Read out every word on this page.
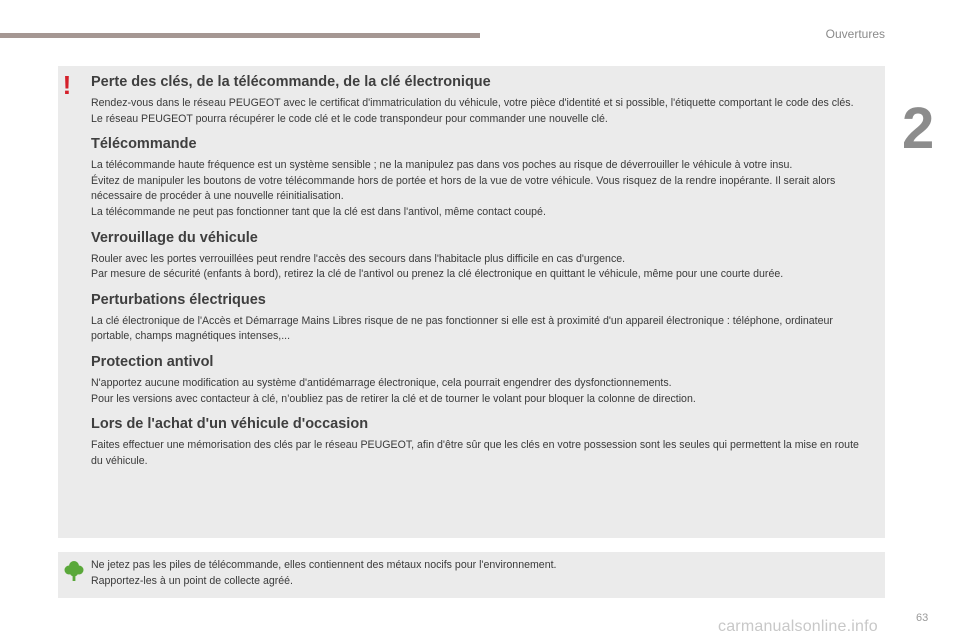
Ouvertures
2
Perte des clés, de la télécommande, de la clé électronique

Rendez-vous dans le réseau PEUGEOT avec le certificat d'immatriculation du véhicule, votre pièce d'identité et si possible, l'étiquette comportant le code des clés.

Le réseau PEUGEOT pourra récupérer le code clé et le code transpondeur pour commander une nouvelle clé.

Télécommande

La télécommande haute fréquence est un système sensible ; ne la manipulez pas dans vos poches au risque de déverrouiller le véhicule à votre insu.

Évitez de manipuler les boutons de votre télécommande hors de portée et hors de la vue de votre véhicule. Vous risquez de la rendre inopérante. Il serait alors nécessaire de procéder à une nouvelle réinitialisation.

La télécommande ne peut pas fonctionner tant que la clé est dans l'antivol, même contact coupé.

Verrouillage du véhicule

Rouler avec les portes verrouillées peut rendre l'accès des secours dans l'habitacle plus difficile en cas d'urgence.

Par mesure de sécurité (enfants à bord), retirez la clé de l'antivol ou prenez la clé électronique en quittant le véhicule, même pour une courte durée.

Perturbations électriques

La clé électronique de l'Accès et Démarrage Mains Libres risque de ne pas fonctionner si elle est à proximité d'un appareil électronique : téléphone, ordinateur portable, champs magnétiques intenses,...

Protection antivol

N'apportez aucune modification au système d'antidémarrage électronique, cela pourrait engendrer des dysfonctionnements.

Pour les versions avec contacteur à clé, n’oubliez pas de retirer la clé et de tourner le volant pour bloquer la colonne de direction.

Lors de l'achat d'un véhicule d'occasion

Faites effectuer une mémorisation des clés par le réseau PEUGEOT, afin d'être sûr que les clés en votre possession sont les seules qui permettent la mise en route du véhicule.

!

Ne jetez pas les piles de télécommande, elles contiennent des métaux nocifs pour l'environnement.

Rapportez-les à un point de collecte agréé.

63
carmanualsonline.info
